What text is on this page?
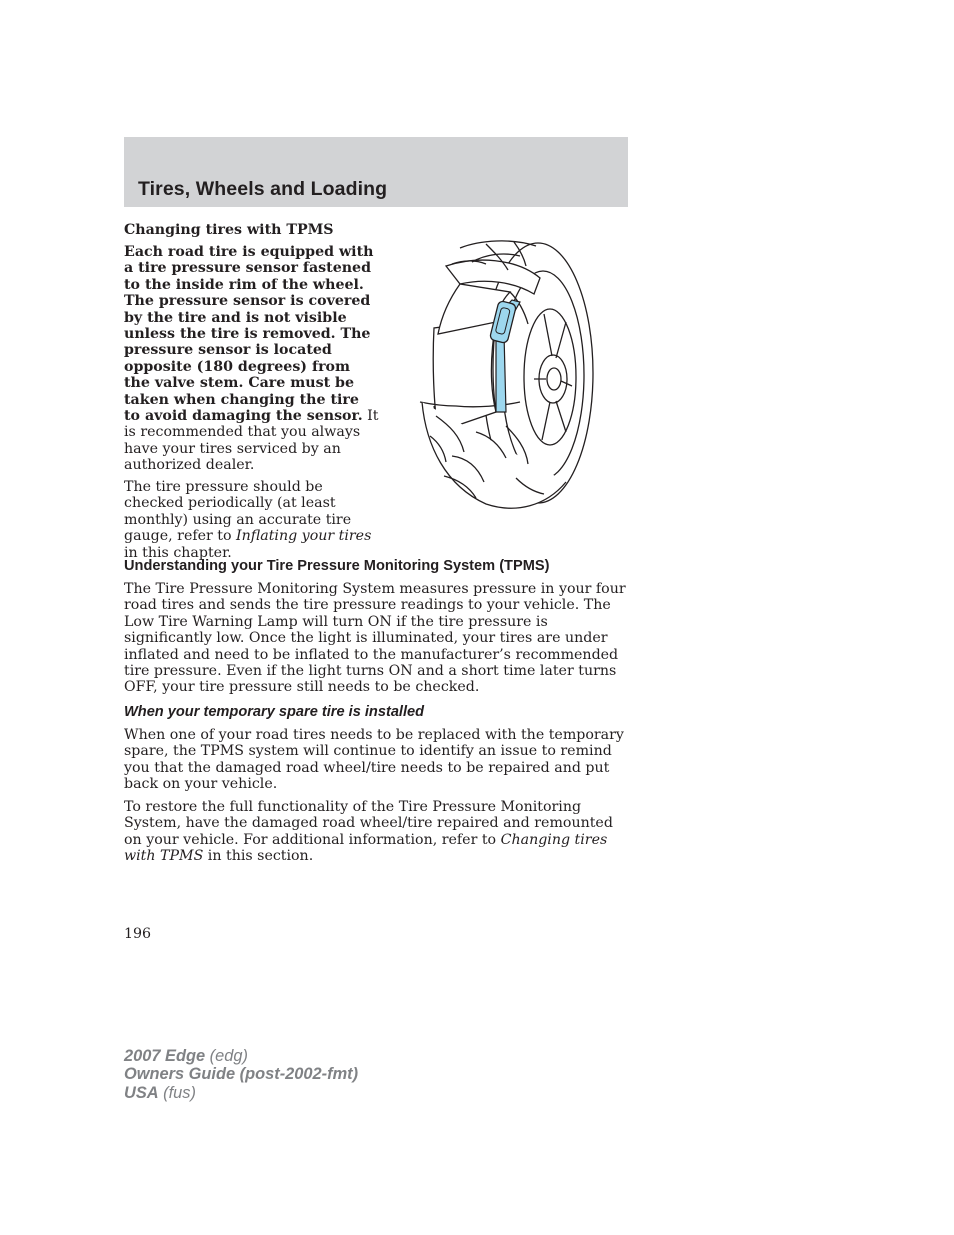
Tires, Wheels and Loading
Changing tires with TPMS

Each road tire is equipped with a tire pressure sensor fastened to the inside rim of the wheel. The pressure sensor is covered by the tire and is not visible unless the tire is removed. The pressure sensor is located opposite (180 degrees) from the valve stem. Care must be taken when changing the tire to avoid damaging the sensor. It is recommended that you always have your tires serviced by an authorized dealer.

The tire pressure should be checked periodically (at least monthly) using an accurate tire gauge, refer to Inflating your tires in this chapter.

Understanding your Tire Pressure Monitoring System (TPMS)

The Tire Pressure Monitoring System measures pressure in your four road tires and sends the tire pressure readings to your vehicle. The Low Tire Warning Lamp will turn ON if the tire pressure is significantly low. Once the light is illuminated, your tires are under inflated and need to be inflated to the manufacturer’s recommended tire pressure. Even if the light turns ON and a short time later turns OFF, your tire pressure still needs to be checked.

When your temporary spare tire is installed

When one of your road tires needs to be replaced with the temporary spare, the TPMS system will continue to identify an issue to remind you that the damaged road wheel/tire needs to be repaired and put back on your vehicle.

To restore the full functionality of the Tire Pressure Monitoring System, have the damaged road wheel/tire repaired and remounted on your vehicle. For additional information, refer to Changing tires with TPMS in this section.

196
2007 Edge (edg)
Owners Guide (post-2002-fmt)
USA (fus)
